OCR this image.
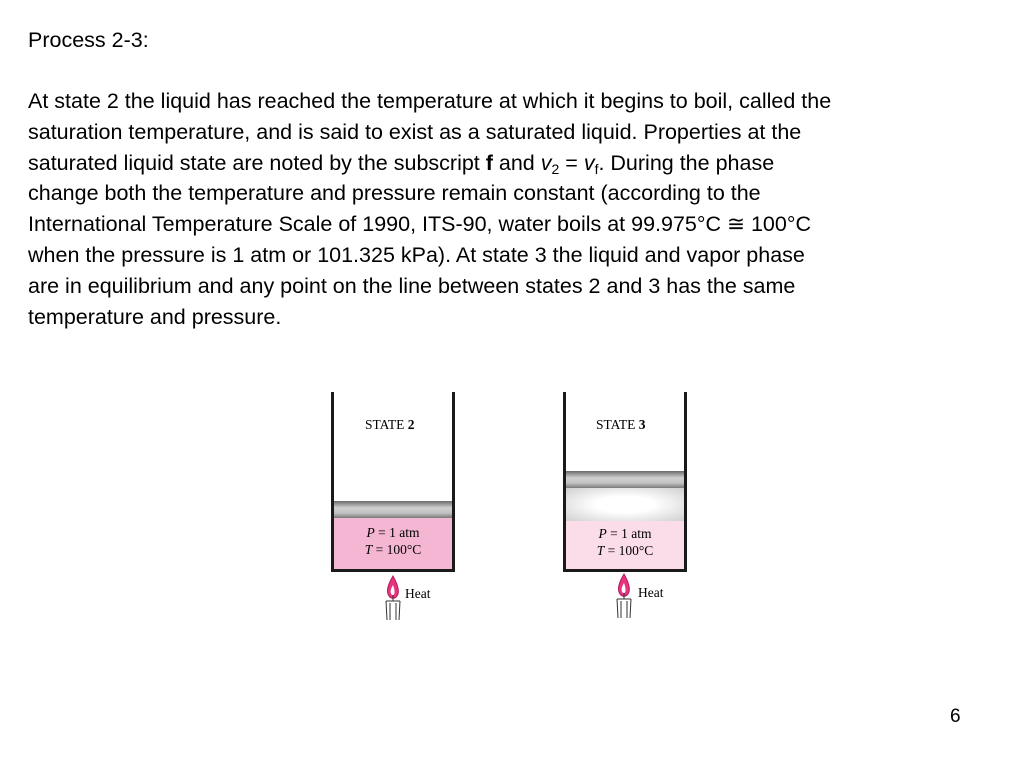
Process 2-3:
At state 2 the liquid has reached the temperature at which it begins to boil, called the
saturation temperature, and is said to exist as a saturated liquid. Properties at the
saturated liquid state are noted by the subscript f and $v_2 = v_f$. During the phase
change both the temperature and pressure remain constant (according to the
International Temperature Scale of 1990, ITS-90, water boils at 99.975°C ≅ 100°C
when the pressure is 1 atm or 101.325 kPa). At state 3 the liquid and vapor phase
are in equilibrium and any point on the line between states 2 and 3 has the same
temperature and pressure.
STATE 2
P = 1 atm
T = 100°C
Heat
STATE 3
P = 1 atm
T = 100°C
Heat
6
